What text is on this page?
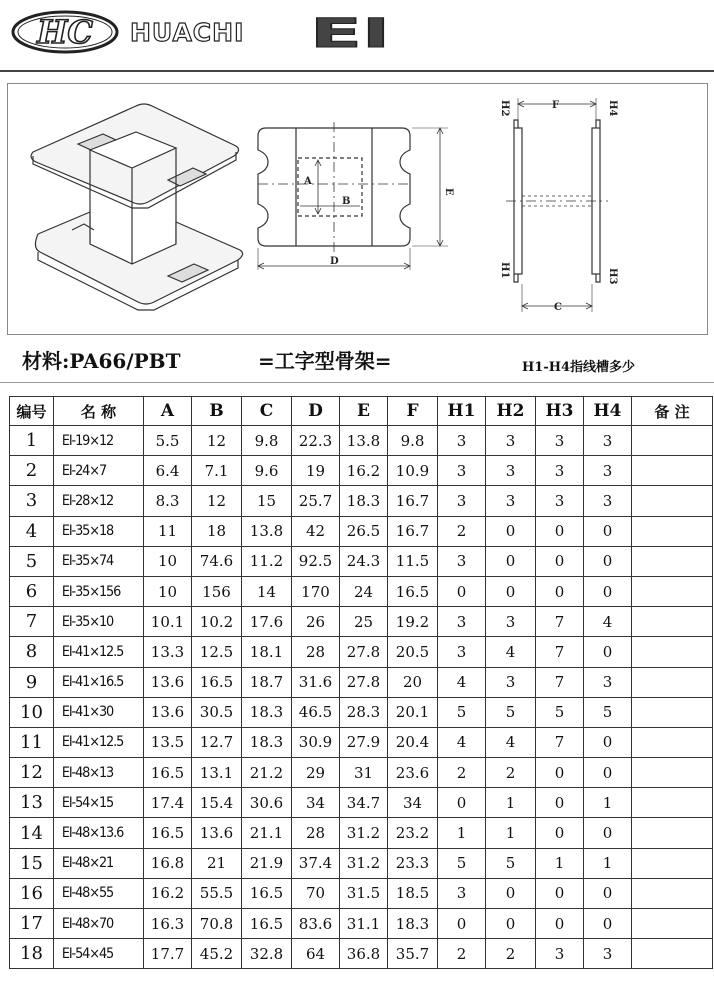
HC HUACHI EI
A
B
E
D
F
C
H2	H4
H1	H3
材料:PA66/PBT	=工字型骨架=	H1-H4指线槽多少
编号	名 称	A	B	C	D	E	F	H1	H2	H3	H4	备 注
1	EI-19×12	5.5	12	9.8	22.3	13.8	9.8	3	3	3	3	
2	EI-24×7	6.4	7.1	9.6	19	16.2	10.9	3	3	3	3	
3	EI-28×12	8.3	12	15	25.7	18.3	16.7	3	3	3	3	
4	EI-35×18	11	18	13.8	42	26.5	16.7	2	0	0	0	
5	EI-35×74	10	74.6	11.2	92.5	24.3	11.5	3	0	0	0	
6	EI-35×156	10	156	14	170	24	16.5	0	0	0	0	
7	EI-35×10	10.1	10.2	17.6	26	25	19.2	3	3	7	4	
8	EI-41×12.5	13.3	12.5	18.1	28	27.8	20.5	3	4	7	0	
9	EI-41×16.5	13.6	16.5	18.7	31.6	27.8	20	4	3	7	3	
10	EI-41×30	13.6	30.5	18.3	46.5	28.3	20.1	5	5	5	5	
11	EI-41×12.5	13.5	12.7	18.3	30.9	27.9	20.4	4	4	7	0	
12	EI-48×13	16.5	13.1	21.2	29	31	23.6	2	2	0	0	
13	EI-54×15	17.4	15.4	30.6	34	34.7	34	0	1	0	1	
14	EI-48×13.6	16.5	13.6	21.1	28	31.2	23.2	1	1	0	0	
15	EI-48×21	16.8	21	21.9	37.4	31.2	23.3	5	5	1	1	
16	EI-48×55	16.2	55.5	16.5	70	31.5	18.5	3	0	0	0	
17	EI-48×70	16.3	70.8	16.5	83.6	31.1	18.3	0	0	0	0	
18	EI-54×45	17.7	45.2	32.8	64	36.8	35.7	2	2	3	3	
